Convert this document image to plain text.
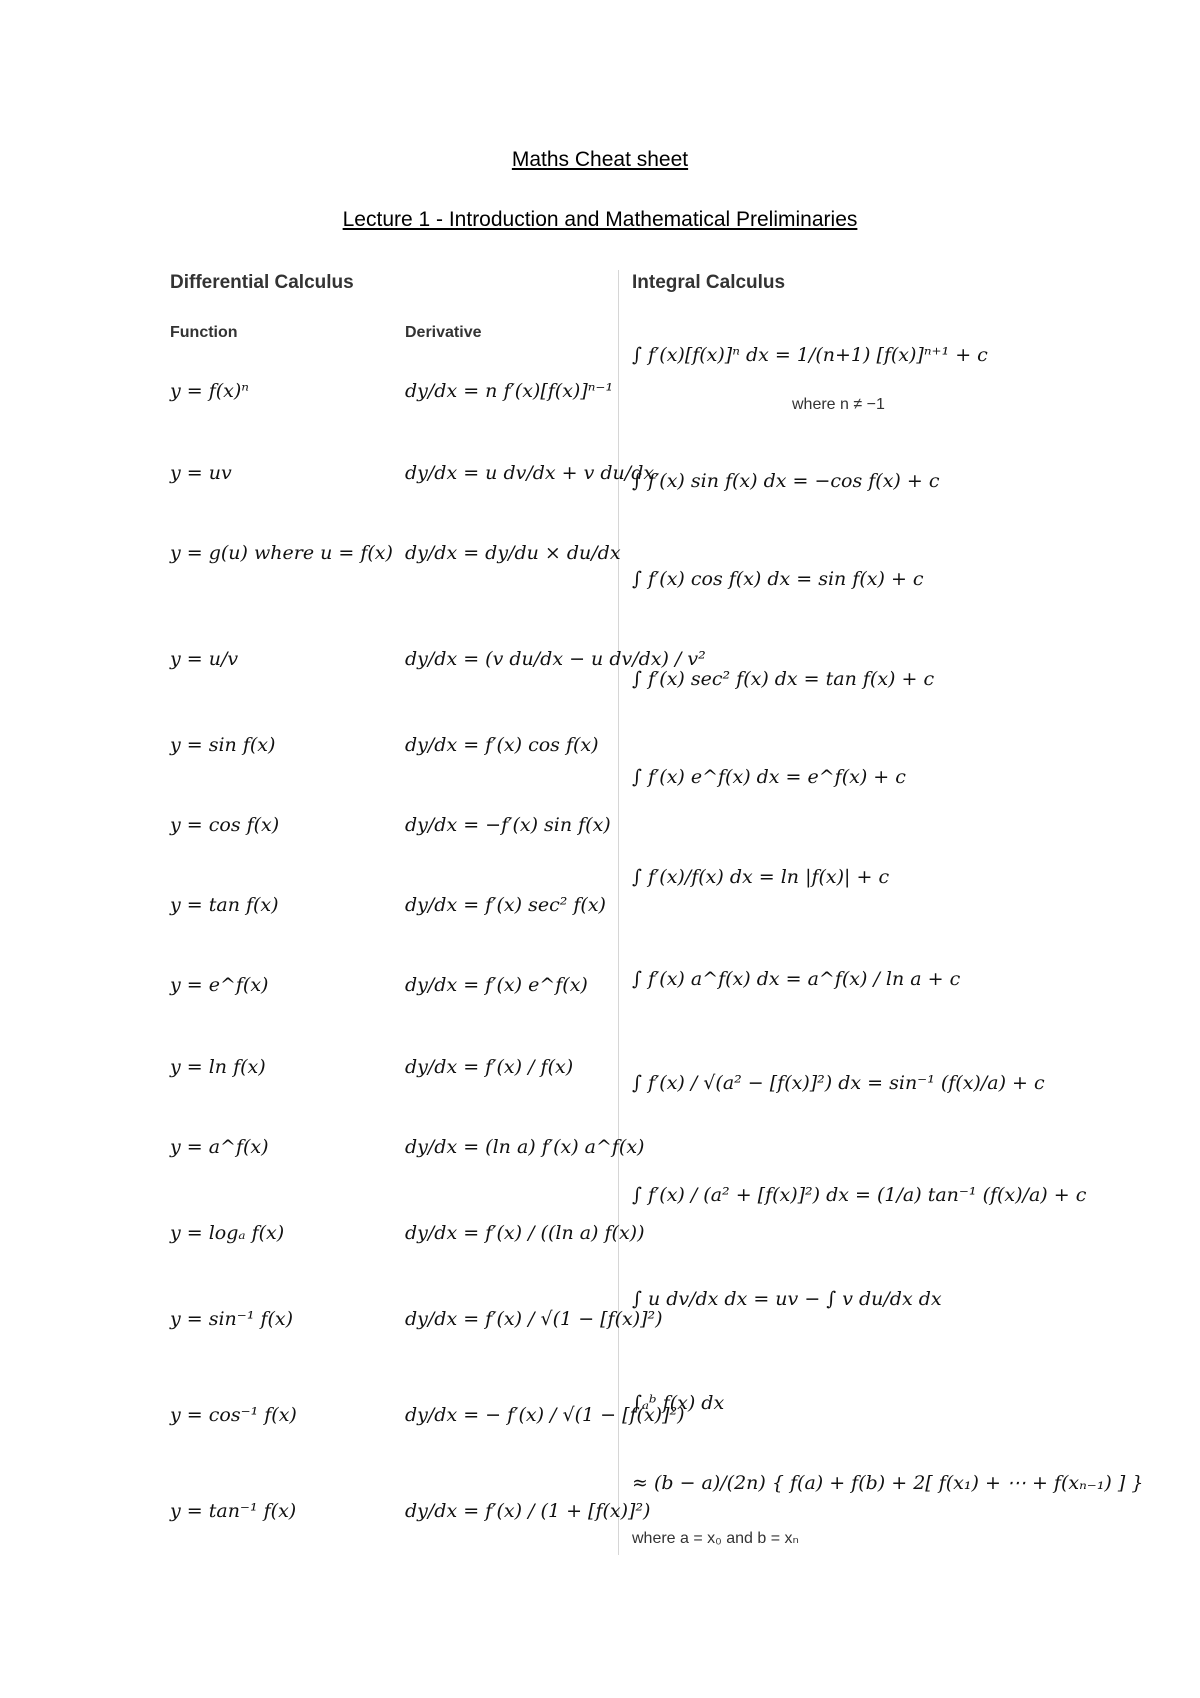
Maths Cheat sheet
Lecture 1 - Introduction and Mathematical Preliminaries
Differential Calculus	Integral Calculus
Function	Derivative
y = f(x)ⁿ	dy/dx = n f′(x)[f(x)]ⁿ⁻¹
y = uv	dy/dx = u dv/dx + v du/dx
y = g(u) where u = f(x) dy/dx = dy/du × du/dx
y = u/v	dy/dx = (v du/dx − u dv/dx) / v²
y = sin f(x)	dy/dx = f′(x) cos f(x)
y = cos f(x)	dy/dx = −f′(x) sin f(x)
y = tan f(x)	dy/dx = f′(x) sec² f(x)
y = e^f(x)	dy/dx = f′(x) e^f(x)
y = ln f(x)	dy/dx = f′(x) / f(x)
y = a^f(x)	dy/dx = (ln a) f′(x) a^f(x)
y = logₐ f(x)	dy/dx = f′(x) / ((ln a) f(x))
y = sin⁻¹ f(x)	dy/dx = f′(x) / √(1 − [f(x)]²)
y = cos⁻¹ f(x)	dy/dx = − f′(x) / √(1 − [f(x)]²)
y = tan⁻¹ f(x)	dy/dx = f′(x) / (1 + [f(x)]²)
∫ f′(x)[f(x)]ⁿ dx = 1/(n+1) [f(x)]ⁿ⁺¹ + c
where n ≠ −1
∫ f′(x) sin f(x) dx = −cos f(x) + c
∫ f′(x) cos f(x) dx = sin f(x) + c
∫ f′(x) sec² f(x) dx = tan f(x) + c
∫ f′(x) e^f(x) dx = e^f(x) + c
∫ f′(x)/f(x) dx = ln |f(x)| + c
∫ f′(x) a^f(x) dx = a^f(x) / ln a + c
∫ f′(x) / √(a² − [f(x)]²) dx = sin⁻¹ (f(x)/a) + c
∫ f′(x) / (a² + [f(x)]²) dx = (1/a) tan⁻¹ (f(x)/a) + c
∫ u dv/dx dx = uv − ∫ v du/dx dx
∫ₐᵇ f(x) dx
≈ (b − a)/(2n) { f(a) + f(b) + 2[ f(x₁) + ⋯ + f(xₙ₋₁) ] }
where a = x₀ and b = xₙ
